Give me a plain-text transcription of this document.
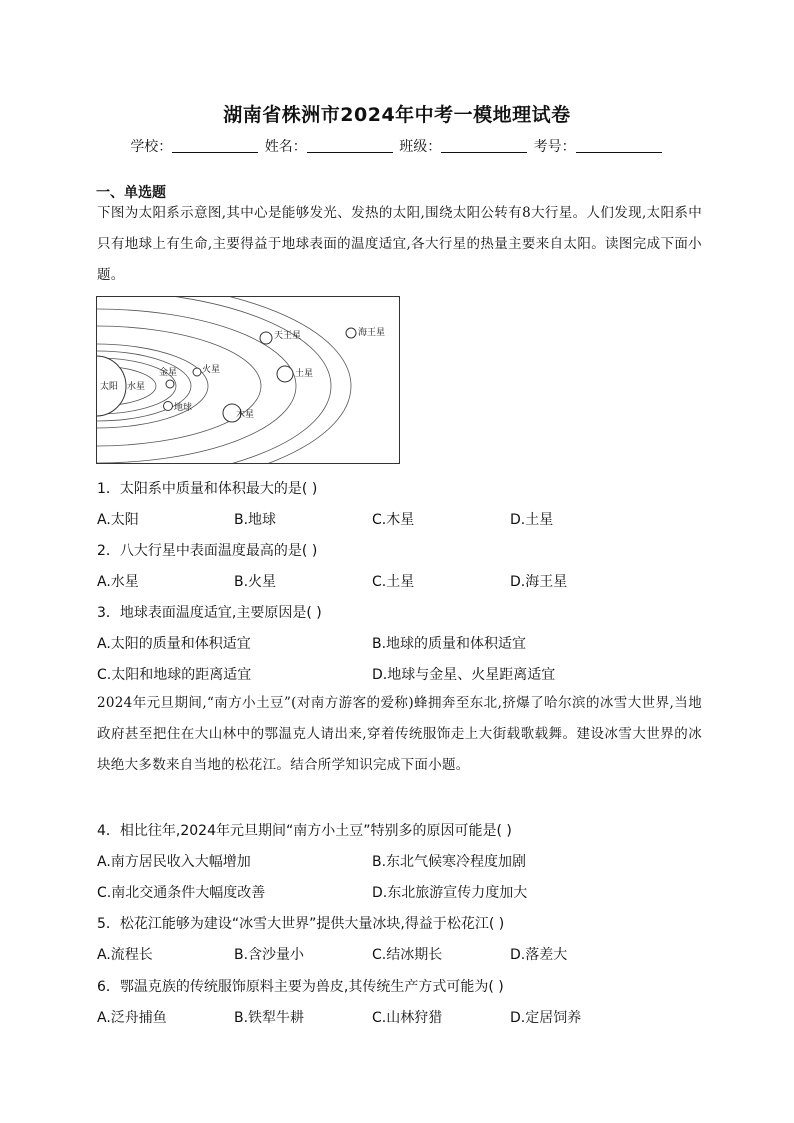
湖南省株洲市2024年中考一模地理试卷
学校：	姓名：	班级：	考号：
一、单选题
下图为太阳系示意图,其中心是能够发光、发热的太阳,围绕太阳公转有8大行星。人们发现,太阳系中只有地球上有生命,主要得益于地球表面的温度适宜,各大行星的热量主要来自太阳。读图完成下面小题。
太阳 水星
金星	火星
地球
土星
木星
天王星	海王星
1．太阳系中质量和体积最大的是( )
A.太阳	B.地球	C.木星	D.土星
2．八大行星中表面温度最高的是( )
A.水星	B.火星	C.土星	D.海王星
3．地球表面温度适宜,主要原因是( )
A.太阳的质量和体积适宜	B.地球的质量和体积适宜
C.太阳和地球的距离适宜	D.地球与金星、火星距离适宜
2024年元旦期间,“南方小土豆”(对南方游客的爱称)蜂拥奔至东北,挤爆了哈尔滨的冰雪大世界,当地政府甚至把住在大山林中的鄂温克人请出来,穿着传统服饰走上大街载歌载舞。建设冰雪大世界的冰块绝大多数来自当地的松花江。结合所学知识完成下面小题。
4．相比往年,2024年元旦期间“南方小土豆”特别多的原因可能是( )
A.南方居民收入大幅增加	B.东北气候寒冷程度加剧
C.南北交通条件大幅度改善	D.东北旅游宣传力度加大
5．松花江能够为建设“冰雪大世界”提供大量冰块,得益于松花江( )
A.流程长	B.含沙量小	C.结冰期长	D.落差大
6．鄂温克族的传统服饰原料主要为兽皮,其传统生产方式可能为( )
A.泛舟捕鱼	B.铁犁牛耕	C.山林狩猎	D.定居饲养
